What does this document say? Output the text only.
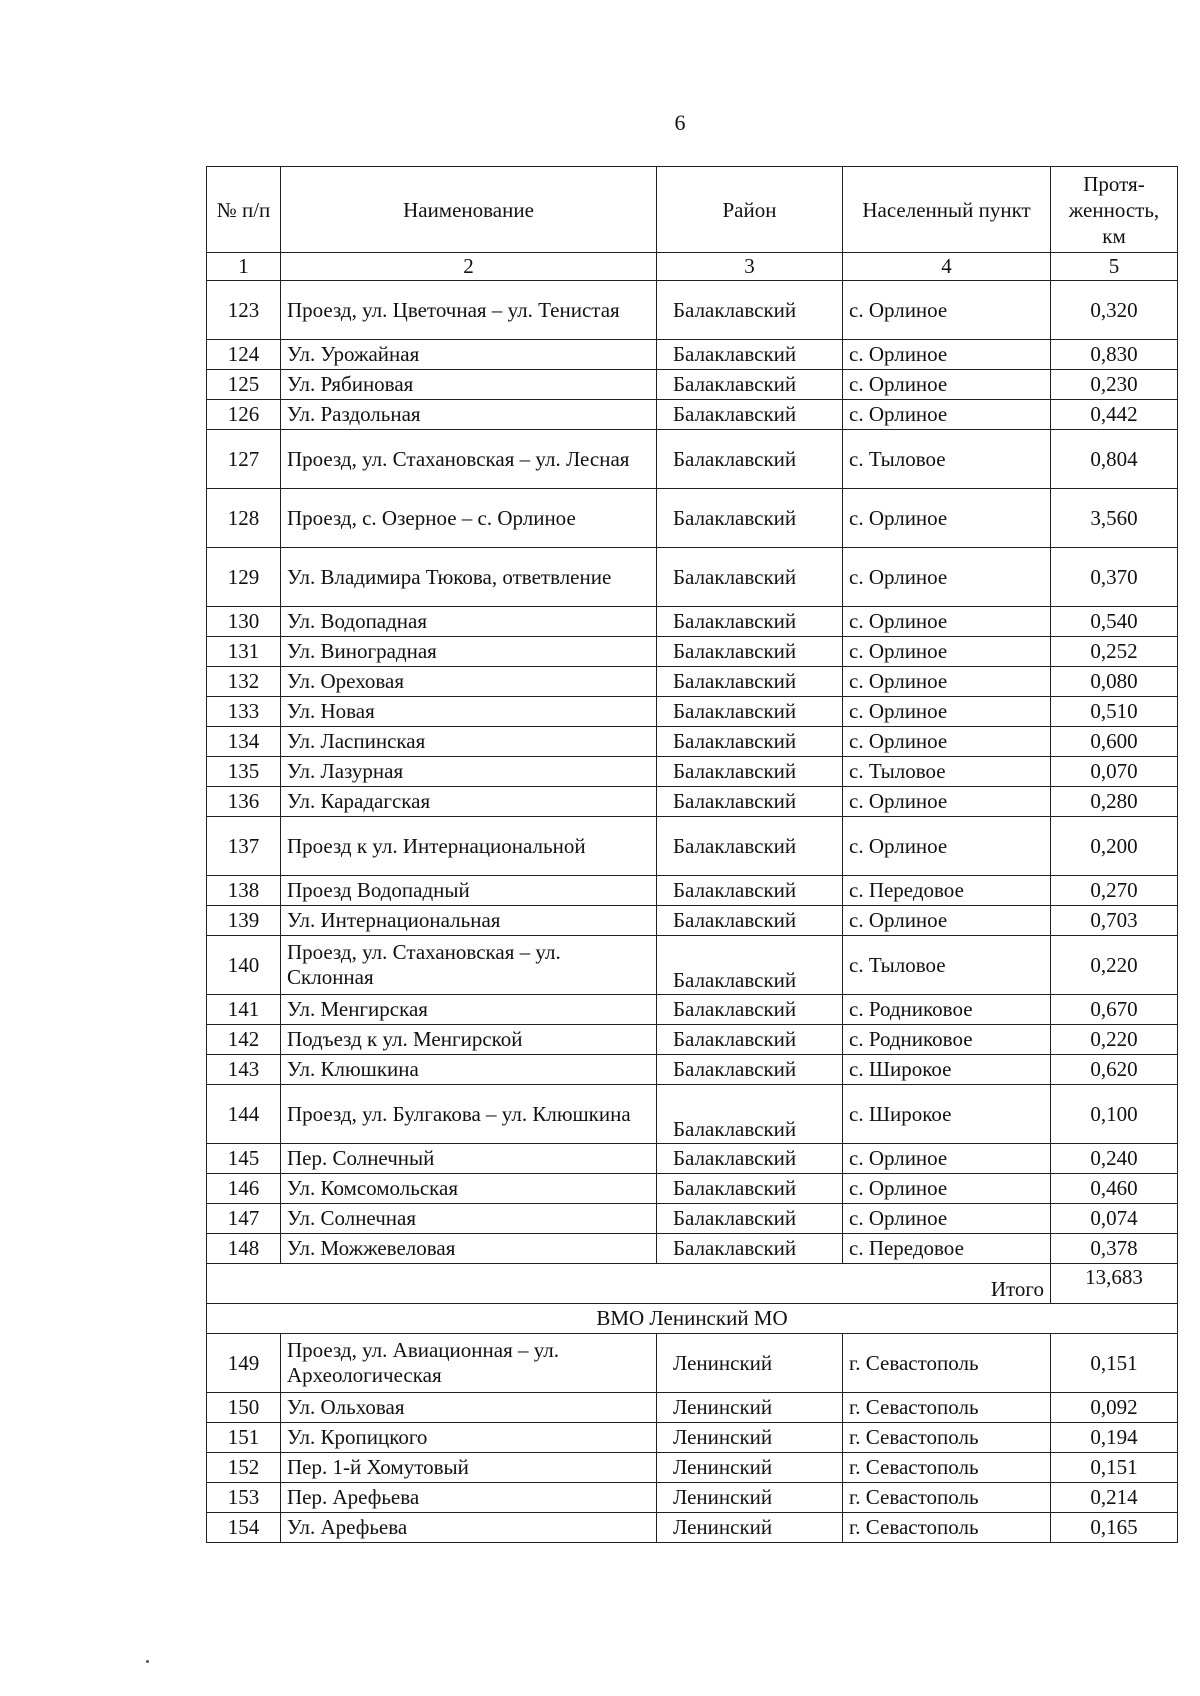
6
№ п/п	Наименование	Район	Населенный пункт	Протя-женность, км
1	2	3	4	5
123	Проезд, ул. Цветочная – ул. Тенистая	Балаклавский	с. Орлиное	0,320
124	Ул. Урожайная	Балаклавский	с. Орлиное	0,830
125	Ул. Рябиновая	Балаклавский	с. Орлиное	0,230
126	Ул. Раздольная	Балаклавский	с. Орлиное	0,442
127	Проезд, ул. Стахановская – ул. Лесная	Балаклавский	с. Тыловое	0,804
128	Проезд, с. Озерное – с. Орлиное	Балаклавский	с. Орлиное	3,560
129	Ул. Владимира Тюкова, ответвление	Балаклавский	с. Орлиное	0,370
130	Ул. Водопадная	Балаклавский	с. Орлиное	0,540
131	Ул. Виноградная	Балаклавский	с. Орлиное	0,252
132	Ул. Ореховая	Балаклавский	с. Орлиное	0,080
133	Ул. Новая	Балаклавский	с. Орлиное	0,510
134	Ул. Ласпинская	Балаклавский	с. Орлиное	0,600
135	Ул. Лазурная	Балаклавский	с. Тыловое	0,070
136	Ул. Карадагская	Балаклавский	с. Орлиное	0,280
137	Проезд к ул. Интернациональной	Балаклавский	с. Орлиное	0,200
138	Проезд Водопадный	Балаклавский	с. Передовое	0,270
139	Ул. Интернациональная	Балаклавский	с. Орлиное	0,703
140	Проезд, ул. Стахановская – ул. Склонная	Балаклавский	с. Тыловое	0,220
141	Ул. Менгирская	Балаклавский	с. Родниковое	0,670
142	Подъезд к ул. Менгирской	Балаклавский	с. Родниковое	0,220
143	Ул. Клюшкина	Балаклавский	с. Широкое	0,620
144	Проезд, ул. Булгакова – ул. Клюшкина	Балаклавский	с. Широкое	0,100
145	Пер. Солнечный	Балаклавский	с. Орлиное	0,240
146	Ул. Комсомольская	Балаклавский	с. Орлиное	0,460
147	Ул. Солнечная	Балаклавский	с. Орлиное	0,074
148	Ул. Можжевеловая	Балаклавский	с. Передовое	0,378
Итого				13,683
ВМО Ленинский МО				
149	Проезд, ул. Авиационная – ул. Археологическая	Ленинский	г. Севастополь	0,151
150	Ул. Ольховая	Ленинский	г. Севастополь	0,092
151	Ул. Кропицкого	Ленинский	г. Севастополь	0,194
152	Пер. 1-й Хомутовый	Ленинский	г. Севастополь	0,151
153	Пер. Арефьева	Ленинский	г. Севастополь	0,214
154	Ул. Арефьева	Ленинский	г. Севастополь	0,165
